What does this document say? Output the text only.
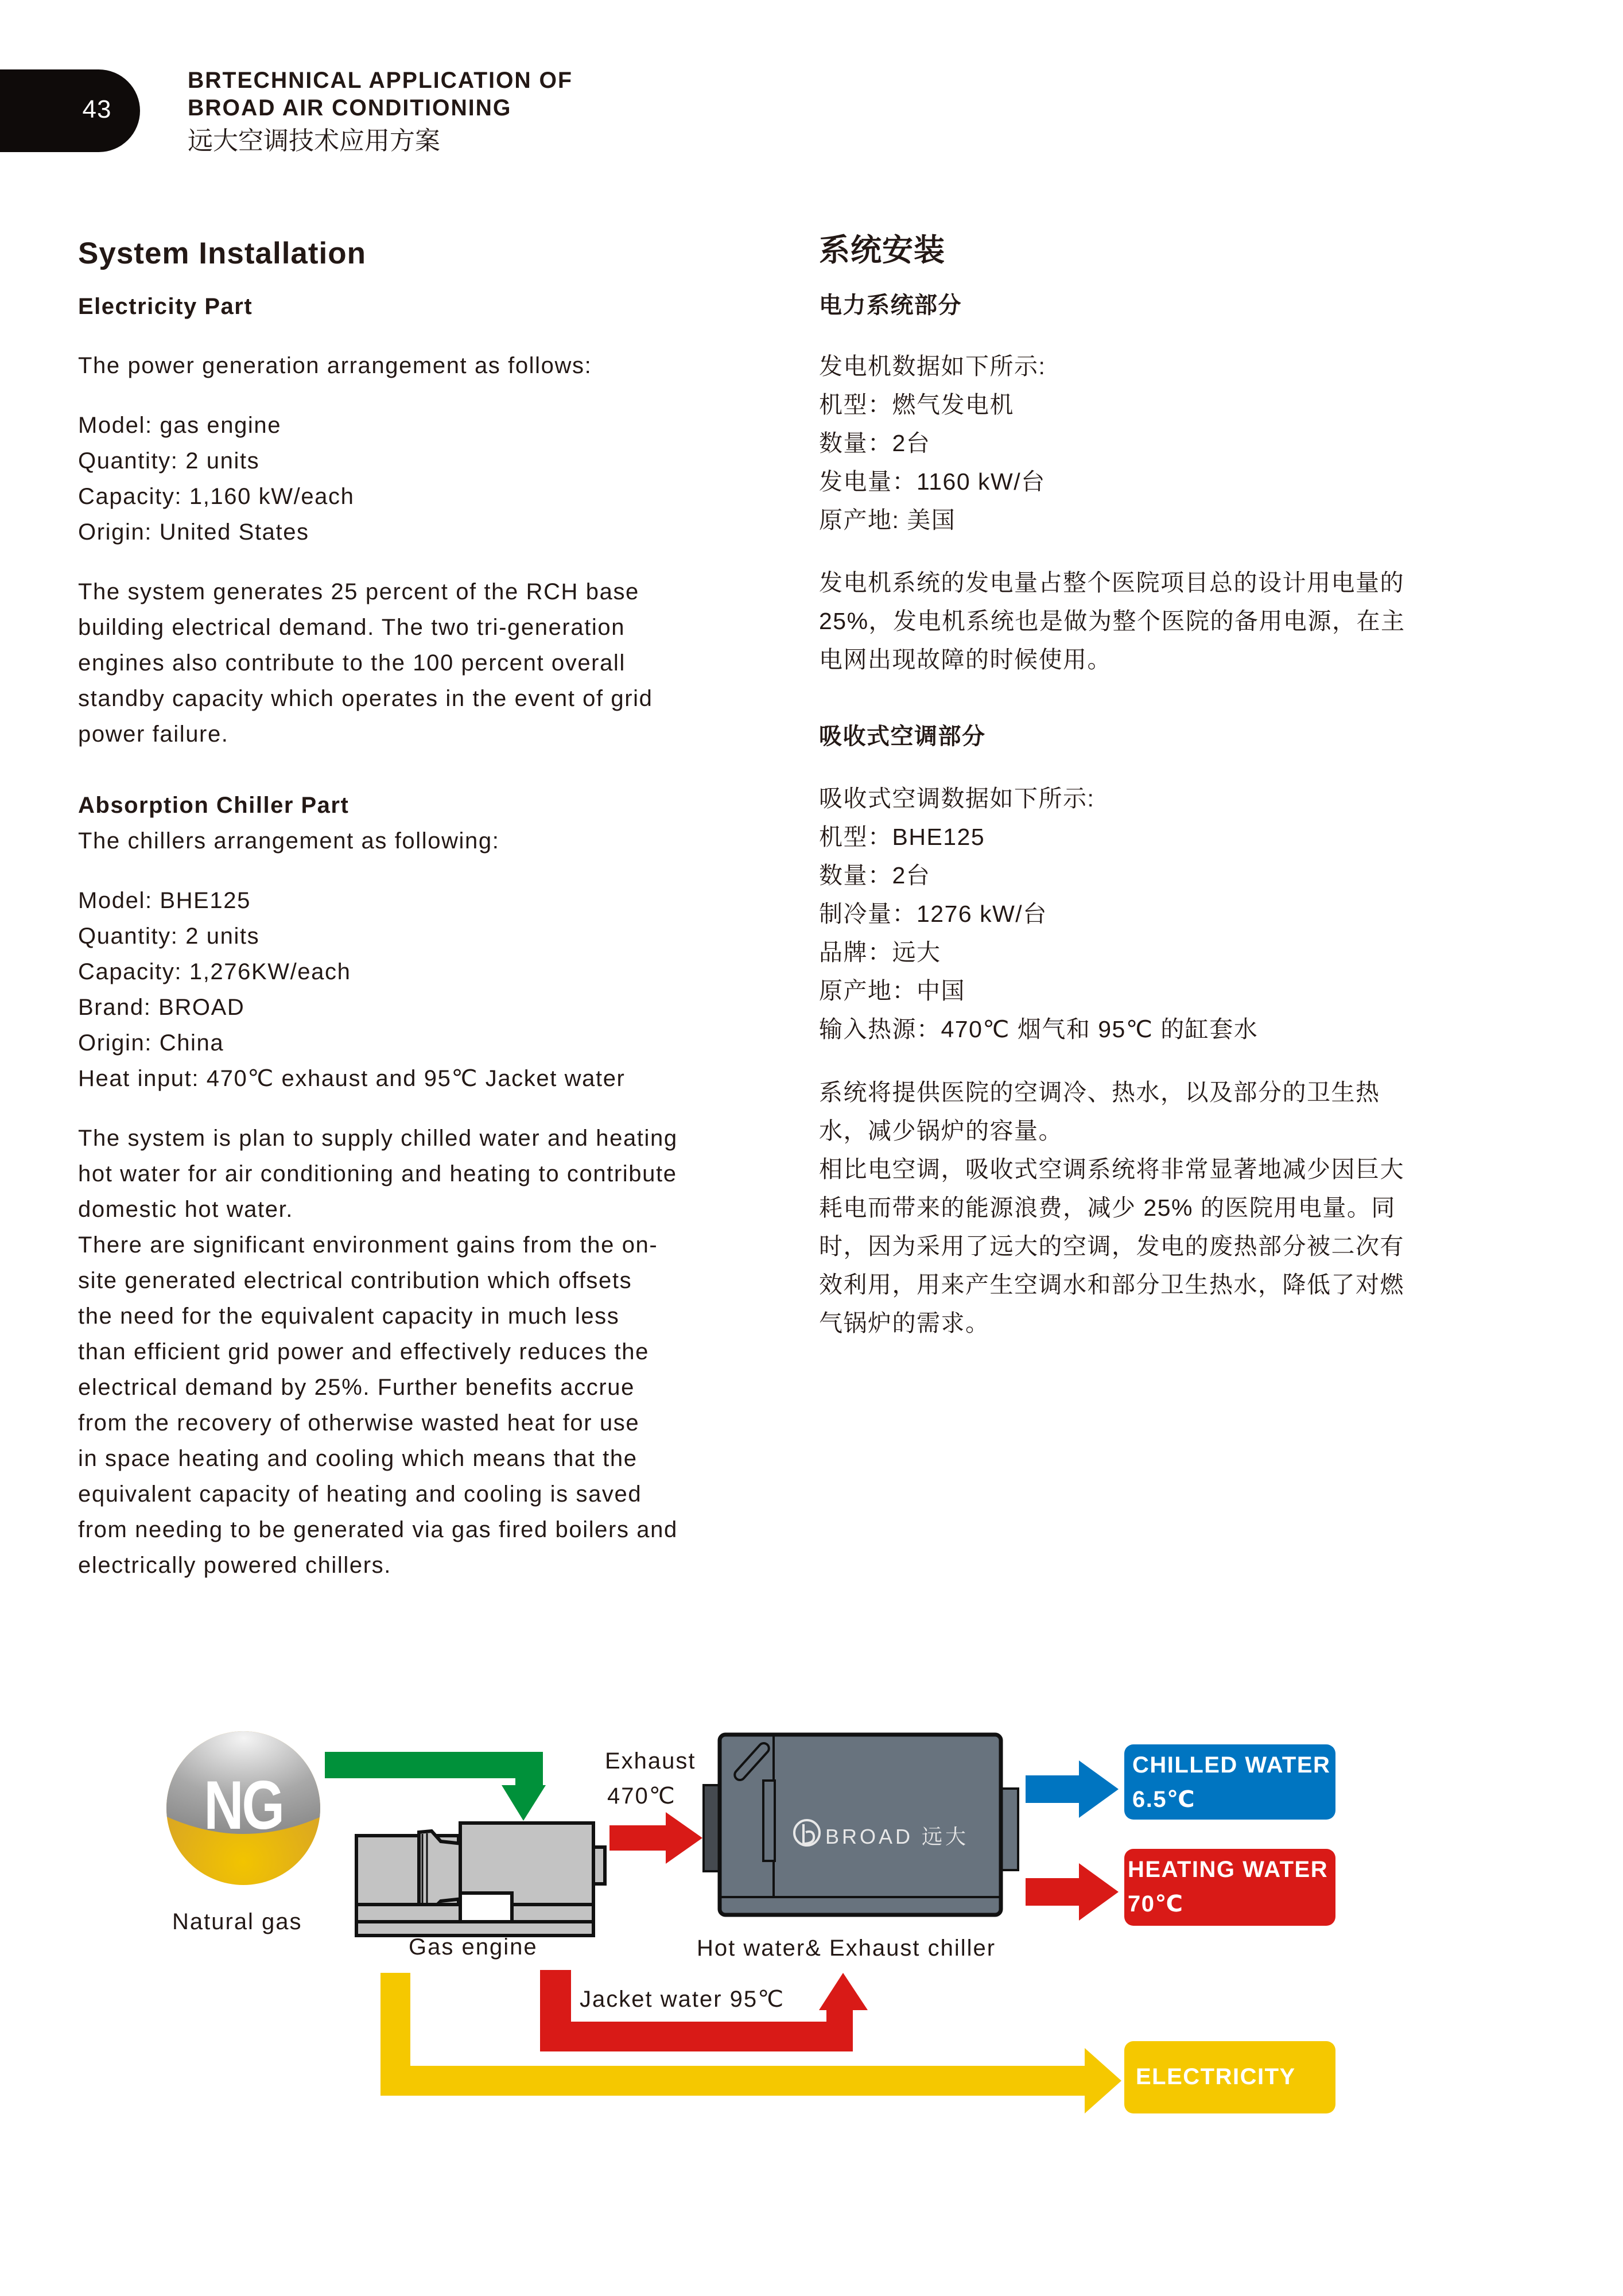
43
BRTECHNICAL APPLICATION OF
BROAD AIR CONDITIONING
远大空调技术应用方案
System Installation
Electricity Part

The power generation arrangement as follows:

Model: gas engine

Quantity: 2 units

Capacity: 1,160 kW/each

Origin: United States

The system generates 25 percent of the RCH base
building electrical demand. The two tri-generation
engines also contribute to the 100 percent overall
standby capacity which operates in the event of grid
power failure.

Absorption Chiller Part

The chillers arrangement as following:

Model: BHE125

Quantity: 2 units

Capacity: 1,276KW/each

Brand: BROAD

Origin: China

Heat input: 470℃ exhaust and 95℃ Jacket water

The system is plan to supply chilled water and heating
hot water for air conditioning and heating to contribute
domestic hot water.

There are significant environment gains from the on-
site generated electrical contribution which offsets
the need for the equivalent capacity in much less
than efficient grid power and effectively reduces the
electrical demand by 25%. Further benefits accrue
from the recovery of otherwise wasted heat for use
in space heating and cooling which means that the
equivalent capacity of heating and cooling is saved
from needing to be generated via gas fired boilers and
electrically powered chillers.

系统安装
电力系统部分

发电机数据如下所示:

机型：燃气发电机

数量：2台

发电量：1160 kW/台

原产地: 美国

发电机系统的发电量占整个医院项目总的设计用电量的
25%，发电机系统也是做为整个医院的备用电源，在主
电网出现故障的时候使用。

吸收式空调部分

吸收式空调数据如下所示:

机型：BHE125

数量：2台

制冷量：1276 kW/台

品牌：远大

原产地：中国

输入热源：470℃ 烟气和 95℃ 的缸套水

系统将提供医院的空调冷、热水，以及部分的卫生热
水，减少锅炉的容量。

相比电空调，吸收式空调系统将非常显著地减少因巨大
耗电而带来的能源浪费，减少 25% 的医院用电量。同
时，因为采用了远大的空调，发电的废热部分被二次有
效利用，用来产生空调水和部分卫生热水，降低了对燃
气锅炉的需求。

NG
Natural gas
Gas engine
Exhaust
470℃
Hot water& Exhaust chiller
BROAD 远大
Jacket water 95℃
CHILLED WATER
6.5℃
HEATING WATER
70℃
ELECTRICITY
